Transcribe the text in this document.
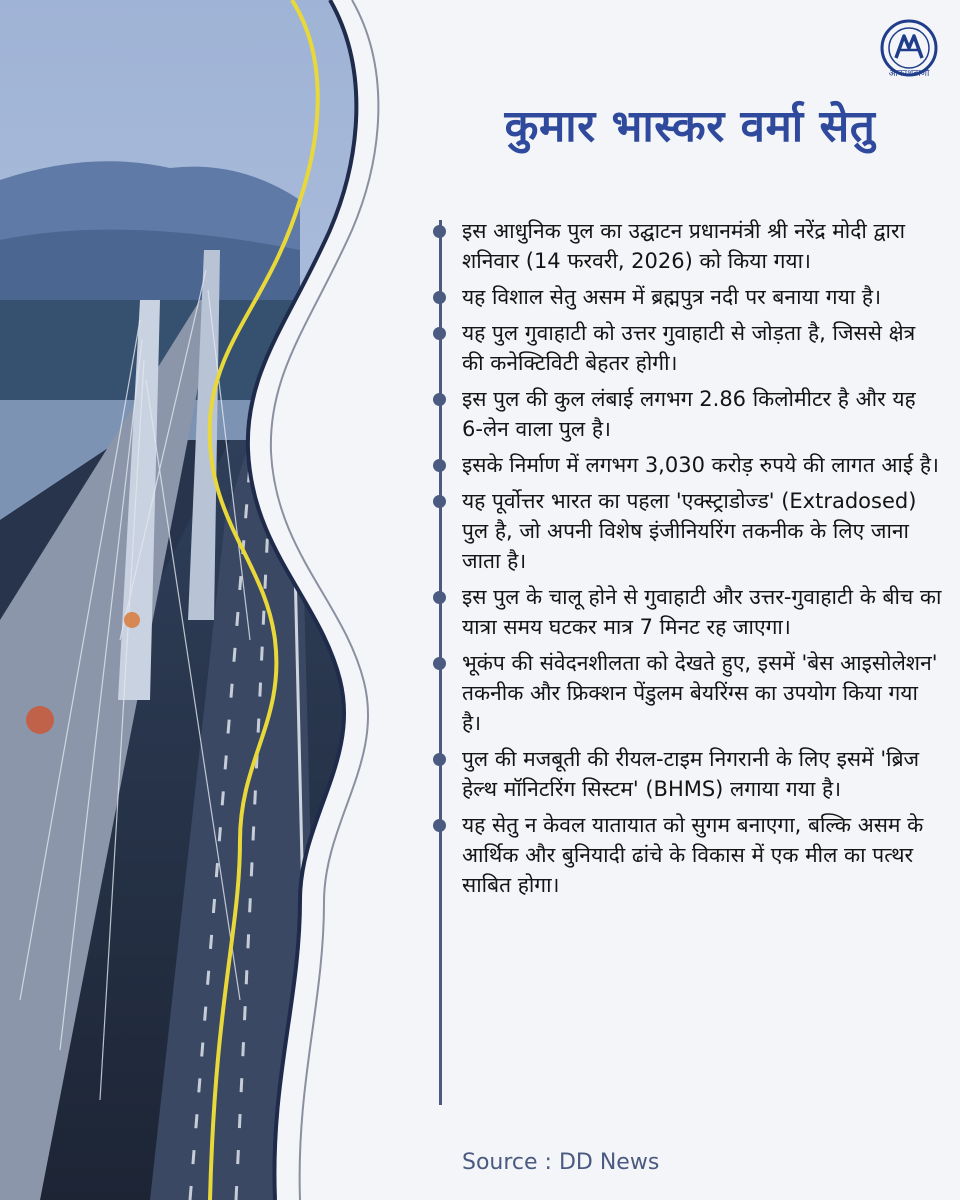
आकाशवाणी
कुमार भास्कर वर्मा सेतु
इस आधुनिक पुल का उद्घाटन प्रधानमंत्री श्री नरेंद्र मोदी द्वारा शनिवार (14 फरवरी, 2026) को किया गया।
यह विशाल सेतु असम में ब्रह्मपुत्र नदी पर बनाया गया है।
यह पुल गुवाहाटी को उत्तर गुवाहाटी से जोड़ता है, जिससे क्षेत्र की कनेक्टिविटी बेहतर होगी।
इस पुल की कुल लंबाई लगभग 2.86 किलोमीटर है और यह 6-लेन वाला पुल है।
इसके निर्माण में लगभग 3,030 करोड़ रुपये की लागत आई है।
यह पूर्वोत्तर भारत का पहला 'एक्स्ट्राडोज्ड' (Extradosed) पुल है, जो अपनी विशेष इंजीनियरिंग तकनीक के लिए जाना जाता है।
इस पुल के चालू होने से गुवाहाटी और उत्तर-गुवाहाटी के बीच का यात्रा समय घटकर मात्र 7 मिनट रह जाएगा।
भूकंप की संवेदनशीलता को देखते हुए, इसमें 'बेस आइसोलेशन' तकनीक और फ्रिक्शन पेंडुलम बेयरिंग्स का उपयोग किया गया है।
पुल की मजबूती की रीयल-टाइम निगरानी के लिए इसमें 'ब्रिज हेल्थ मॉनिटरिंग सिस्टम' (BHMS) लगाया गया है।
यह सेतु न केवल यातायात को सुगम बनाएगा, बल्कि असम के आर्थिक और बुनियादी ढांचे के विकास में एक मील का पत्थर साबित होगा।
Source : DD News
